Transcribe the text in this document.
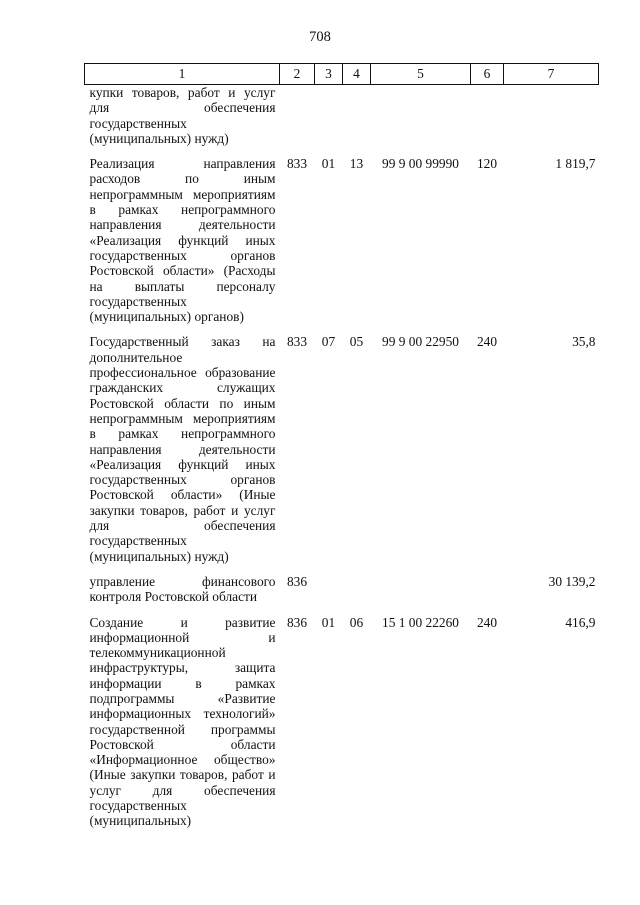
708
1	2	3	4	5	6	7
купки товаров, работ и услуг для обеспечения государственных (муниципальных) нужд)						

Реализация направления расходов по иным непрограммным мероприятиям в рамках непрограммного направления деятельности «Реализация функций иных государственных органов Ростовской области» (Расходы на выплаты персоналу государственных (муниципальных) органов)	833	01	13	99 9 00 99990	120	1 819,7

Государственный заказ на дополнительное профессиональное образование гражданских служащих Ростовской области по иным непрограммным мероприятиям в рамках непрограммного направления деятельности «Реализация функций иных государственных органов Ростовской области» (Иные закупки товаров, работ и услуг для обеспечения государственных (муниципальных) нужд)	833	07	05	99 9 00 22950	240	35,8

управление финансового контроля Ростовской области	836					30 139,2

Создание и развитие информационной и телекоммуникационной инфраструктуры, защита информации в рамках подпрограммы «Развитие информационных технологий» государственной программы Ростовской области «Информационное общество» (Иные закупки товаров, работ и услуг для обеспечения государственных (муниципальных)	836	01	06	15 1 00 22260	240	416,9
